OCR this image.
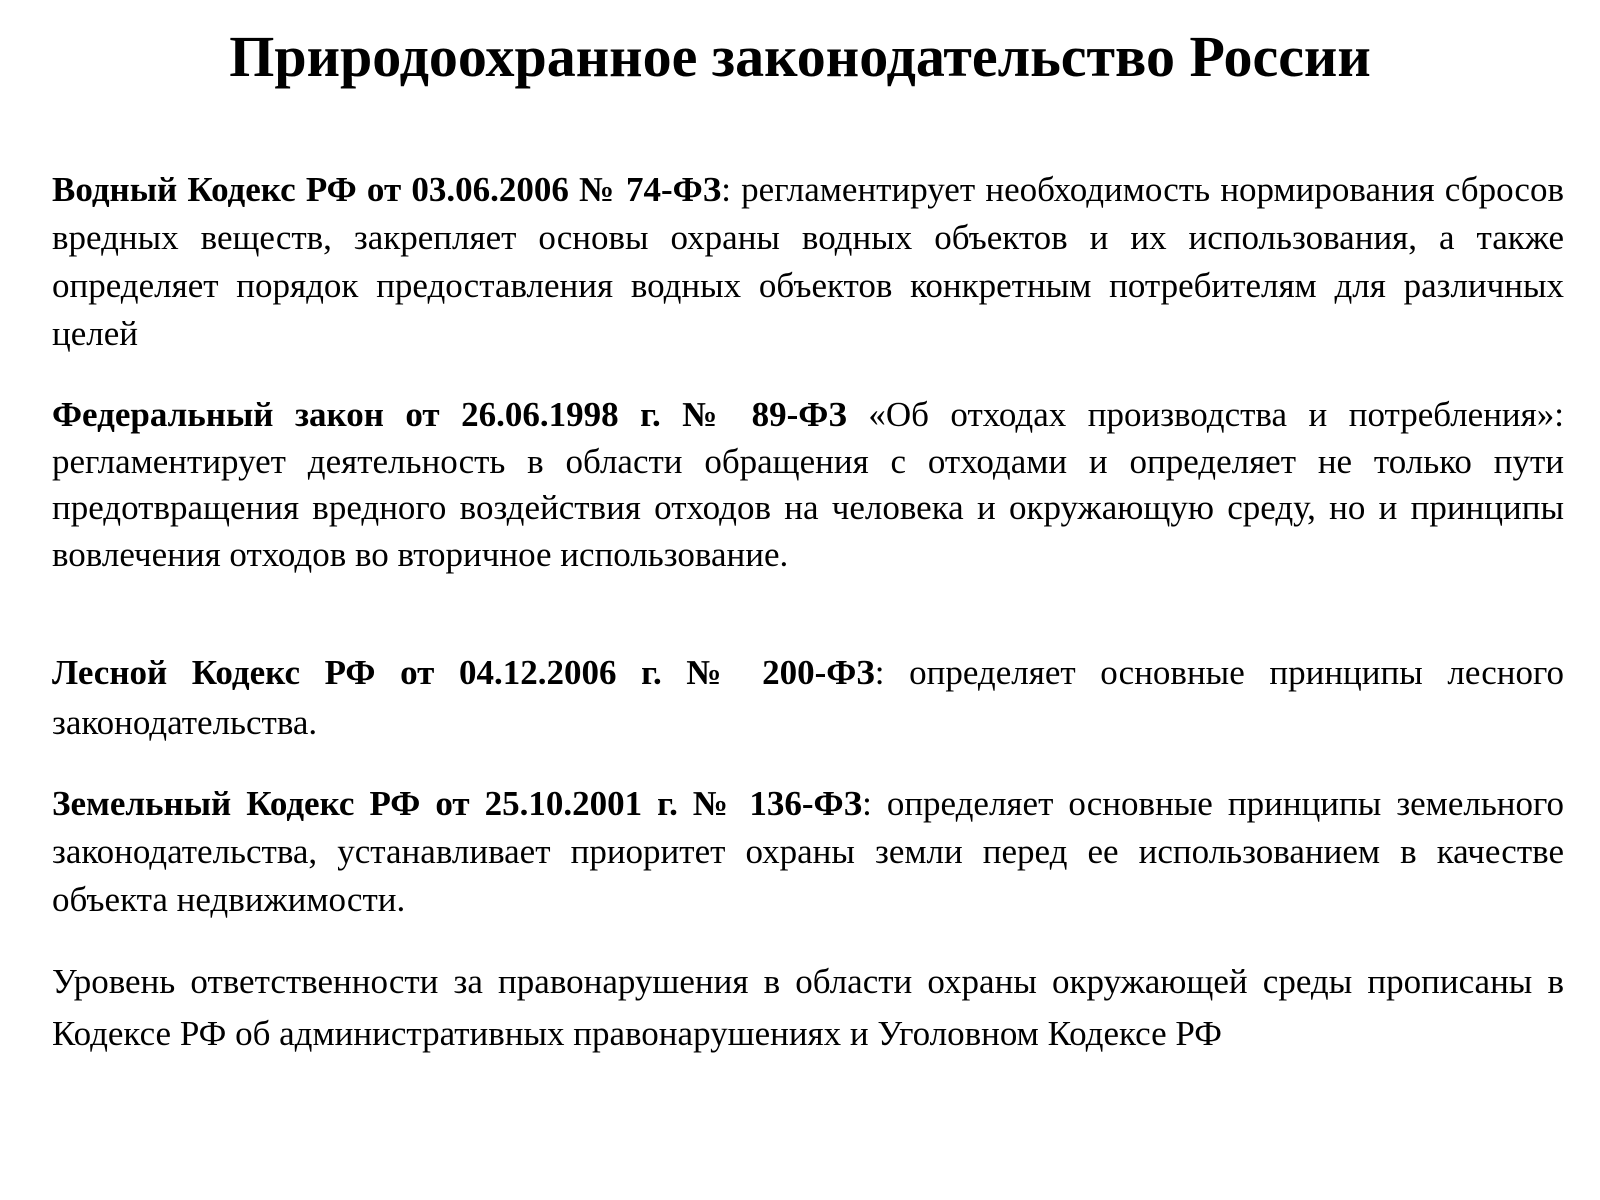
Природоохранное законодательство России

Водный Кодекс РФ от 03.06.2006 № 74-ФЗ: регламентирует необходимость нормирования сбросов вредных веществ, закрепляет основы охраны водных объектов и их использования, а также определяет порядок предоставления водных объектов конкретным потребителям для различных целей

Федеральный закон от 26.06.1998 г. № 89-ФЗ «Об отходах производства и потребления»: регламентирует деятельность в области обращения с отходами и определяет не только пути предотвращения вредного воздействия отходов на человека и окружающую среду, но и принципы вовлечения отходов во вторичное использование.

Лесной Кодекс РФ от 04.12.2006 г. № 200-ФЗ: определяет основные принципы лесного законодательства.

Земельный Кодекс РФ от 25.10.2001 г. № 136-ФЗ: определяет основные принципы земельного законодательства, устанавливает приоритет охраны земли перед ее использованием в качестве объекта недвижимости.

Уровень ответственности за правонарушения в области охраны окружающей среды прописаны в Кодексе РФ об административных правонарушениях и Уголовном Кодексе РФ
